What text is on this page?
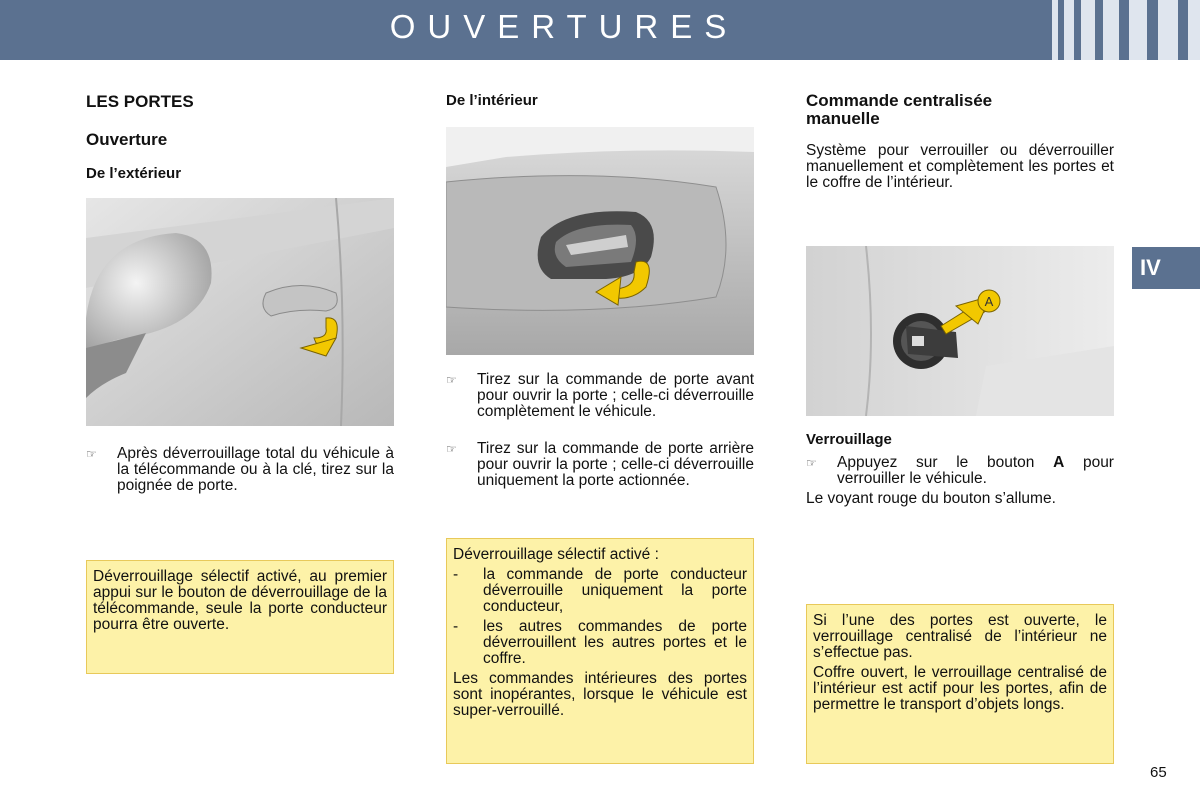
OUVERTURES
IV
LES PORTES
Ouverture
De l’extérieur
☞ Après déverrouillage total du véhicule à la télécommande ou à la clé, tirez sur la poignée de porte.

Déverrouillage sélectif activé, au premier appui sur le bouton de déverrouillage de la télécommande, seule la porte conducteur pourra être ouverte.

De l’intérieur
☞ Tirez sur la commande de porte avant pour ouvrir la porte ; celle-ci déverrouille complètement le véhicule.
☞ Tirez sur la commande de porte arrière pour ouvrir la porte ; celle-ci déverrouille uniquement la porte actionnée.

Déverrouillage sélectif activé :

- la commande de porte conducteur déverrouille uniquement la porte conducteur,
- les autres commandes de porte déverrouillent les autres portes et le coffre.

Les commandes intérieures des portes sont inopérantes, lorsque le véhicule est super-verrouillé.

Commande centralisée manuelle
Système pour verrouiller ou déverrouiller manuellement et complètement les portes et le coffre de l’intérieur.
A
Verrouillage
☞ Appuyez sur le bouton A pour verrouiller le véhicule.
Le voyant rouge du bouton s’allume.

Si l’une des portes est ouverte, le verrouillage centralisé de l’intérieur ne s’effectue pas.

Coffre ouvert, le verrouillage centralisé de l’intérieur est actif pour les portes, afin de permettre le transport d’objets longs.

65
